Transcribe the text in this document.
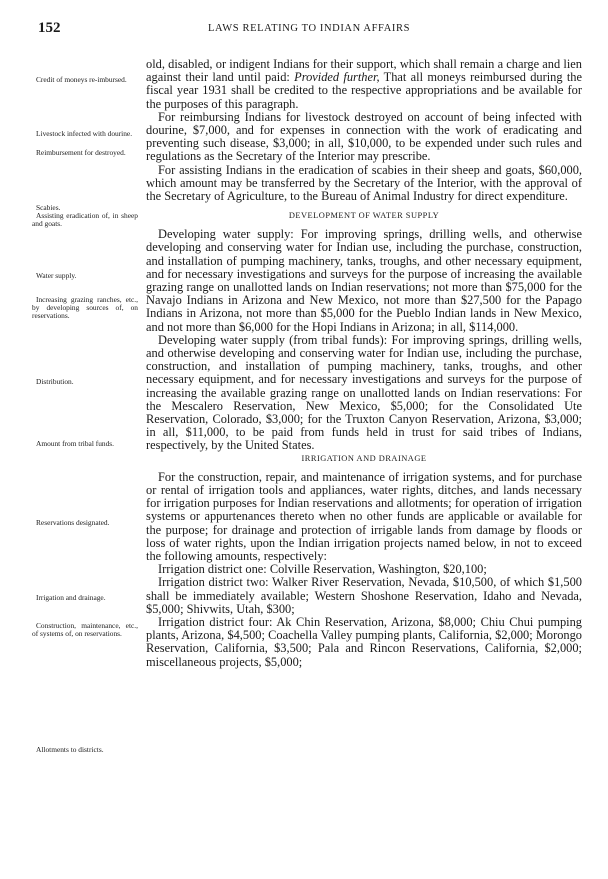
152	LAWS RELATING TO INDIAN AFFAIRS
Credit of moneys re-imbursed.
Livestock infected with dourine.
Reimbursement for destroyed.
Scabies.
Assisting eradication of, in sheep and goats.
Water supply.
Increasing grazing ranches, etc., by developing sources of, on reservations.
Distribution.
Amount from tribal funds.
Reservations designated.
Irrigation and drainage.
Construction, maintenance, etc., of systems of, on reservations.
Allotments to districts.

old, disabled, or indigent Indians for their support, which shall remain a charge and lien against their land until paid: Provided further, That all moneys reimbursed during the fiscal year 1931 shall be credited to the respective appropriations and be available for the purposes of this paragraph.

For reimbursing Indians for livestock destroyed on account of being infected with dourine, $7,000, and for expenses in connection with the work of eradicating and preventing such disease, $3,000; in all, $10,000, to be expended under such rules and regulations as the Secretary of the Interior may prescribe.

For assisting Indians in the eradication of scabies in their sheep and goats, $60,000, which amount may be transferred by the Secretary of the Interior, with the approval of the Secretary of Agriculture, to the Bureau of Animal Industry for direct expenditure.

DEVELOPMENT OF WATER SUPPLY

Developing water supply: For improving springs, drilling wells, and otherwise developing and conserving water for Indian use, including the purchase, construction, and installation of pumping machinery, tanks, troughs, and other necessary equipment, and for necessary investigations and surveys for the purpose of increasing the available grazing range on unallotted lands on Indian reservations; not more than $75,000 for the Navajo Indians in Arizona and New Mexico, not more than $27,500 for the Papago Indians in Arizona, not more than $5,000 for the Pueblo Indian lands in New Mexico, and not more than $6,000 for the Hopi Indians in Arizona; in all, $114,000.

Developing water supply (from tribal funds): For improving springs, drilling wells, and otherwise developing and conserving water for Indian use, including the purchase, construction, and installation of pumping machinery, tanks, troughs, and other necessary equipment, and for necessary investigations and surveys for the purpose of increasing the available grazing range on unallotted lands on Indian reservations: For the Mescalero Reservation, New Mexico, $5,000; for the Consolidated Ute Reservation, Colorado, $3,000; for the Truxton Canyon Reservation, Arizona, $3,000; in all, $11,000, to be paid from funds held in trust for said tribes of Indians, respectively, by the United States.

IRRIGATION AND DRAINAGE

For the construction, repair, and maintenance of irrigation systems, and for purchase or rental of irrigation tools and appliances, water rights, ditches, and lands necessary for irrigation purposes for Indian reservations and allotments; for operation of irrigation systems or appurtenances thereto when no other funds are applicable or available for the purpose; for drainage and protection of irrigable lands from damage by floods or loss of water rights, upon the Indian irrigation projects named below, in not to exceed the following amounts, respectively:

Irrigation district one: Colville Reservation, Washington, $20,100;

Irrigation district two: Walker River Reservation, Nevada, $10,500, of which $1,500 shall be immediately available; Western Shoshone Reservation, Idaho and Nevada, $5,000; Shivwits, Utah, $300;

Irrigation district four: Ak Chin Reservation, Arizona, $8,000; Chiu Chui pumping plants, Arizona, $4,500; Coachella Valley pumping plants, California, $2,000; Morongo Reservation, California, $3,500; Pala and Rincon Reservations, California, $2,000; miscellaneous projects, $5,000;
